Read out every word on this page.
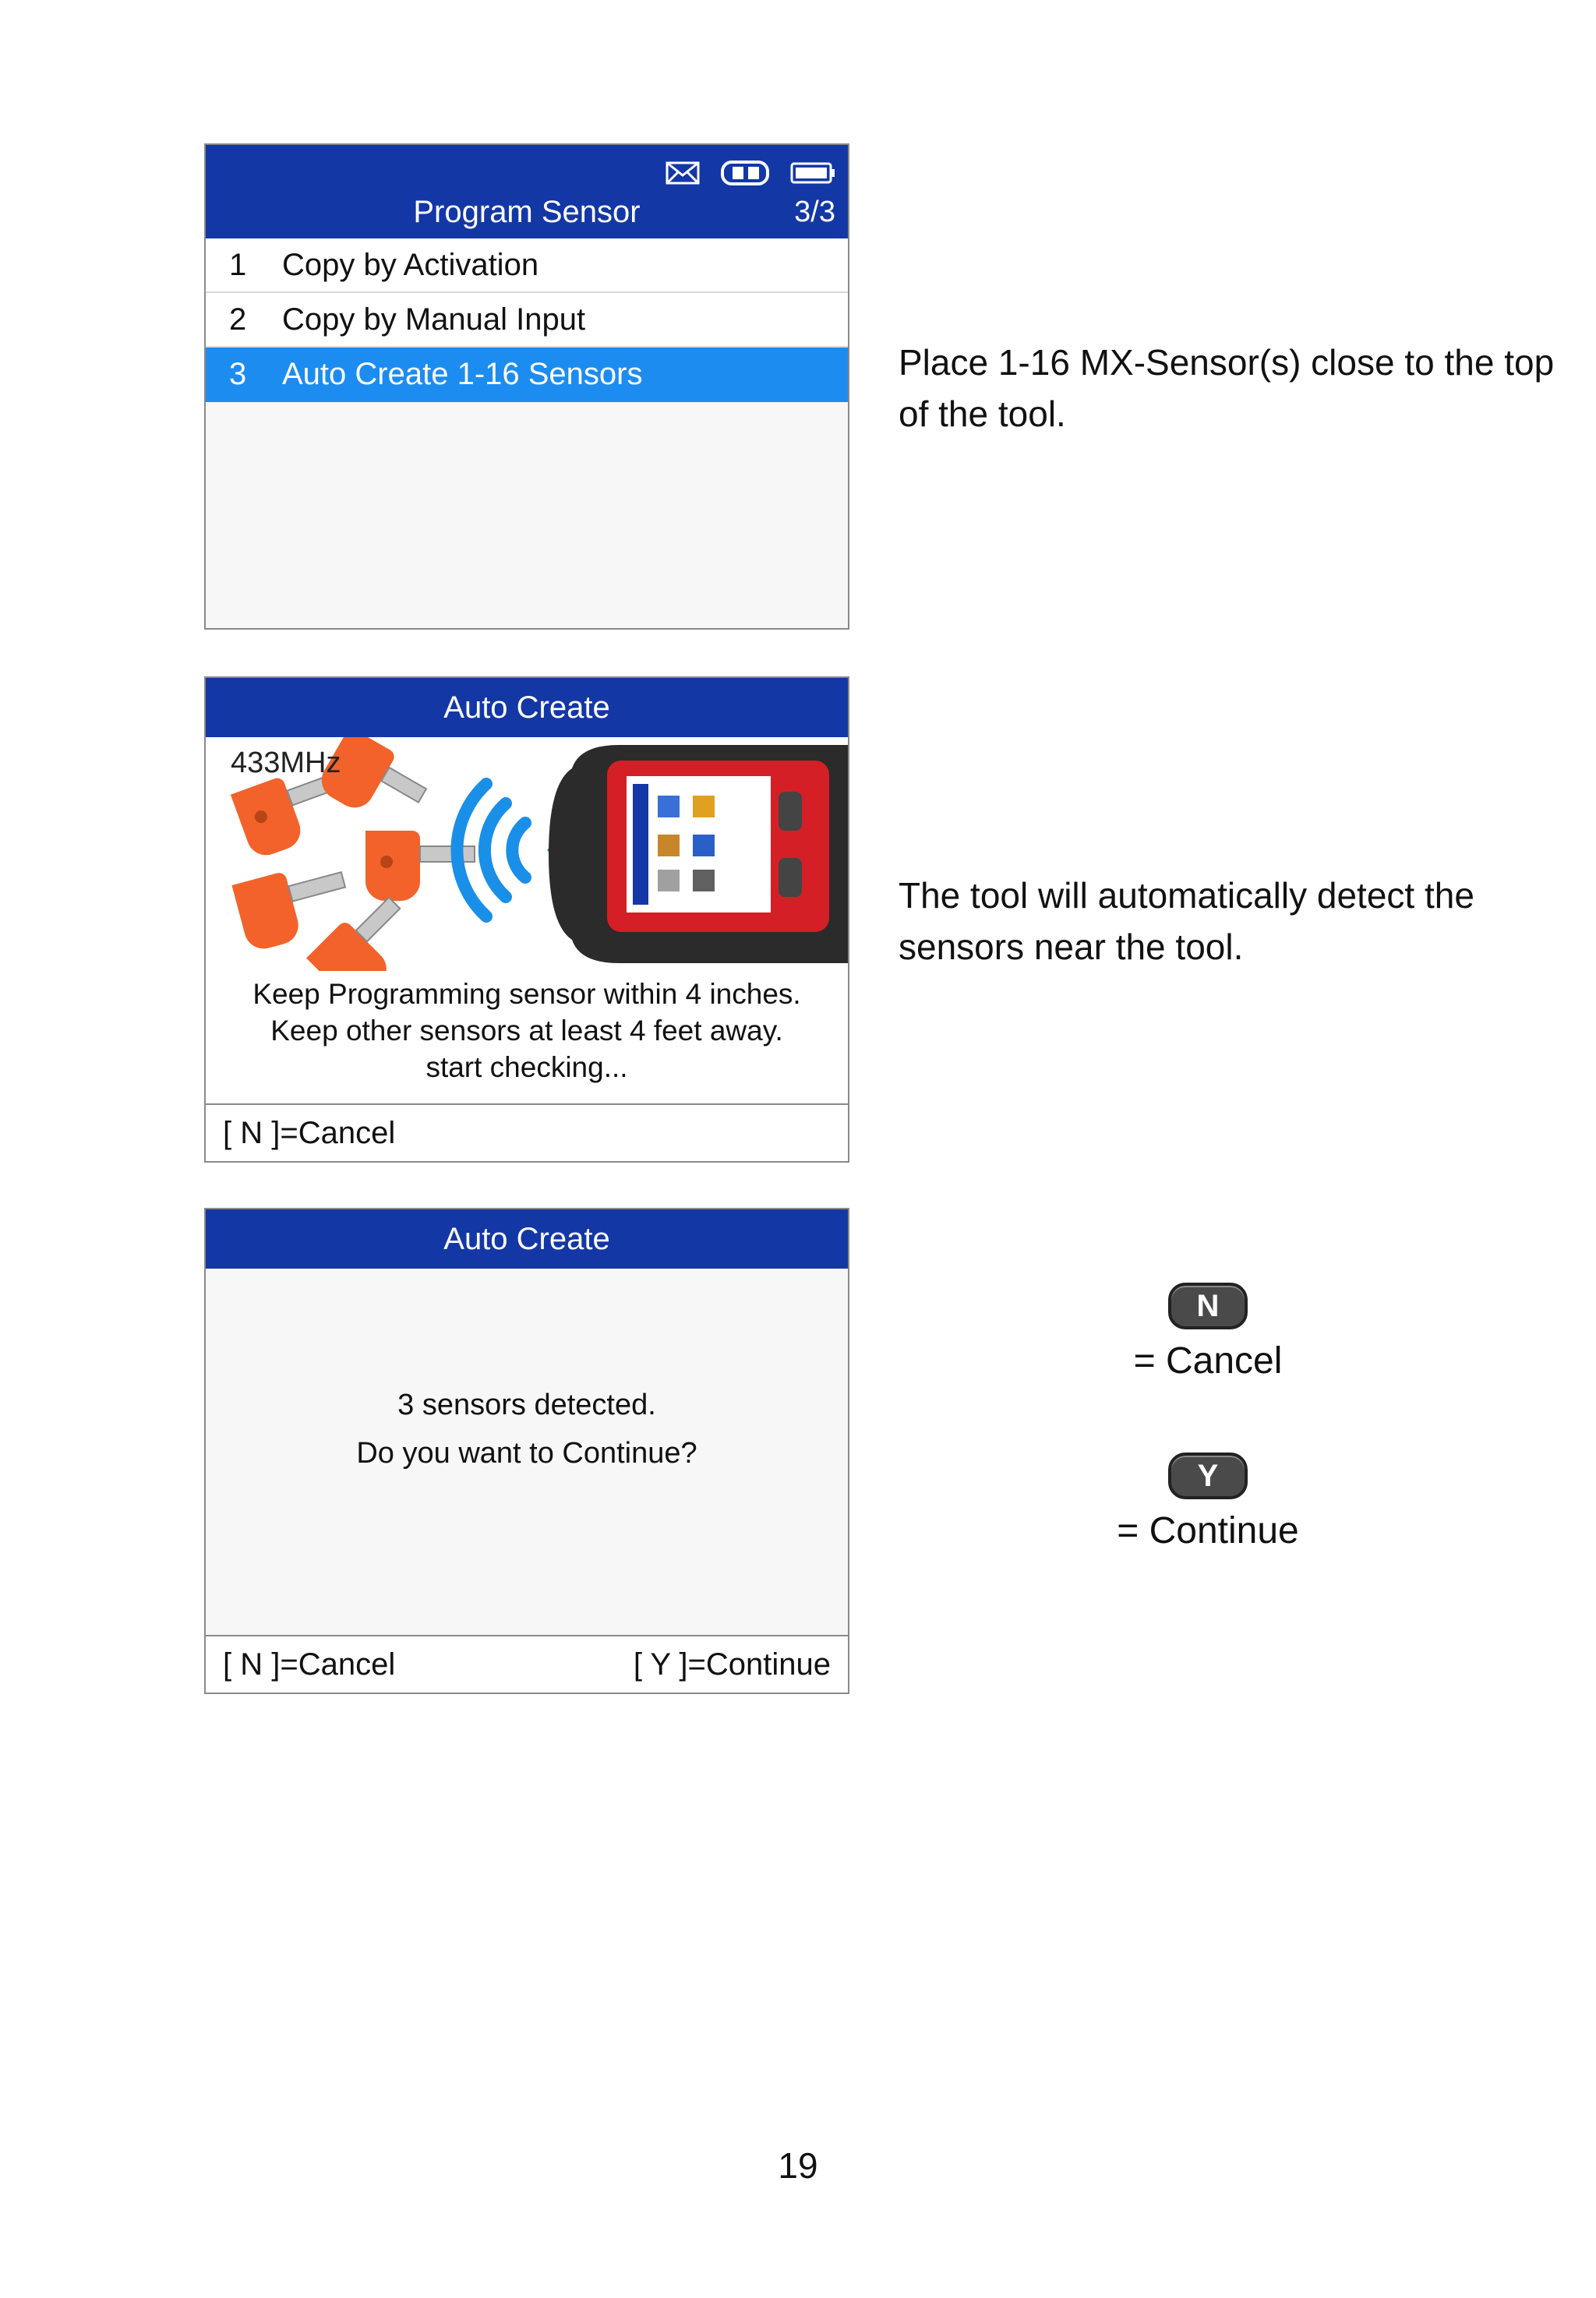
Program Sensor	3/3
1	Copy by Activation
2	Copy by Manual Input
3	Auto Create 1-16 Sensors
Auto Create
433MHz
Keep Programming sensor within 4 inches.
Keep other sensors at least 4 feet away.
start checking...
[ N ]=Cancel
Auto Create
3 sensors detected.
Do you want to Continue?
[ N ]=Cancel	[ Y ]=Continue
Place 1-16 MX-Sensor(s) close to the top of the tool.
The tool will automatically detect the sensors near the tool.
N
= Cancel
Y
= Continue
19
